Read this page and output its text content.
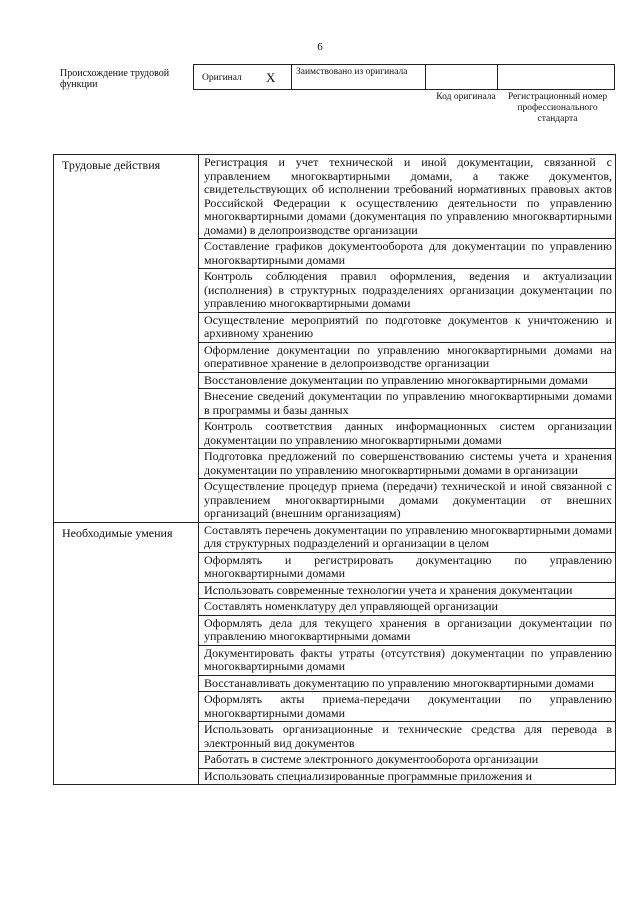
6
Происхождение трудовой функции
Оригинал X	Заимствовано из оригинала
Код оригинала	Регистрационный номер профессионального стандарта
Трудовые действия	Регистрация и учет технической и иной документации, связанной с управлением многоквартирными домами, а также документов, свидетельствующих об исполнении требований нормативных правовых актов Российской Федерации к осуществлению деятельности по управлению многоквартирными домами (документация по управлению многоквартирными домами) в делопроизводстве организации
Составление графиков документооборота для документации по управлению многоквартирными домами
Контроль соблюдения правил оформления, ведения и актуализации (исполнения) в структурных подразделениях организации документации по управлению многоквартирными домами
Осуществление мероприятий по подготовке документов к уничтожению и архивному хранению
Оформление документации по управлению многоквартирными домами на оперативное хранение в делопроизводстве организации
Восстановление документации по управлению многоквартирными домами
Внесение сведений документации по управлению многоквартирными домами в программы и базы данных
Контроль соответствия данных информационных систем организации документации по управлению многоквартирными домами
Подготовка предложений по совершенствованию системы учета и хранения документации по управлению многоквартирными домами в организации
Осуществление процедур приема (передачи) технической и иной связанной с управлением многоквартирными домами документации от внешних организаций (внешним организациям)
Необходимые умения	Составлять перечень документации по управлению многоквартирными домами для структурных подразделений и организации в целом
Оформлять и регистрировать документацию по управлению многоквартирными домами
Использовать современные технологии учета и хранения документации
Составлять номенклатуру дел управляющей организации
Оформлять дела для текущего хранения в организации документации по управлению многоквартирными домами
Документировать факты утраты (отсутствия) документации по управлению многоквартирными домами
Восстанавливать документацию по управлению многоквартирными домами
Оформлять акты приема-передачи документации по управлению многоквартирными домами
Использовать организационные и технические средства для перевода в электронный вид документов
Работать в системе электронного документооборота организации
Использовать специализированные программные приложения и
